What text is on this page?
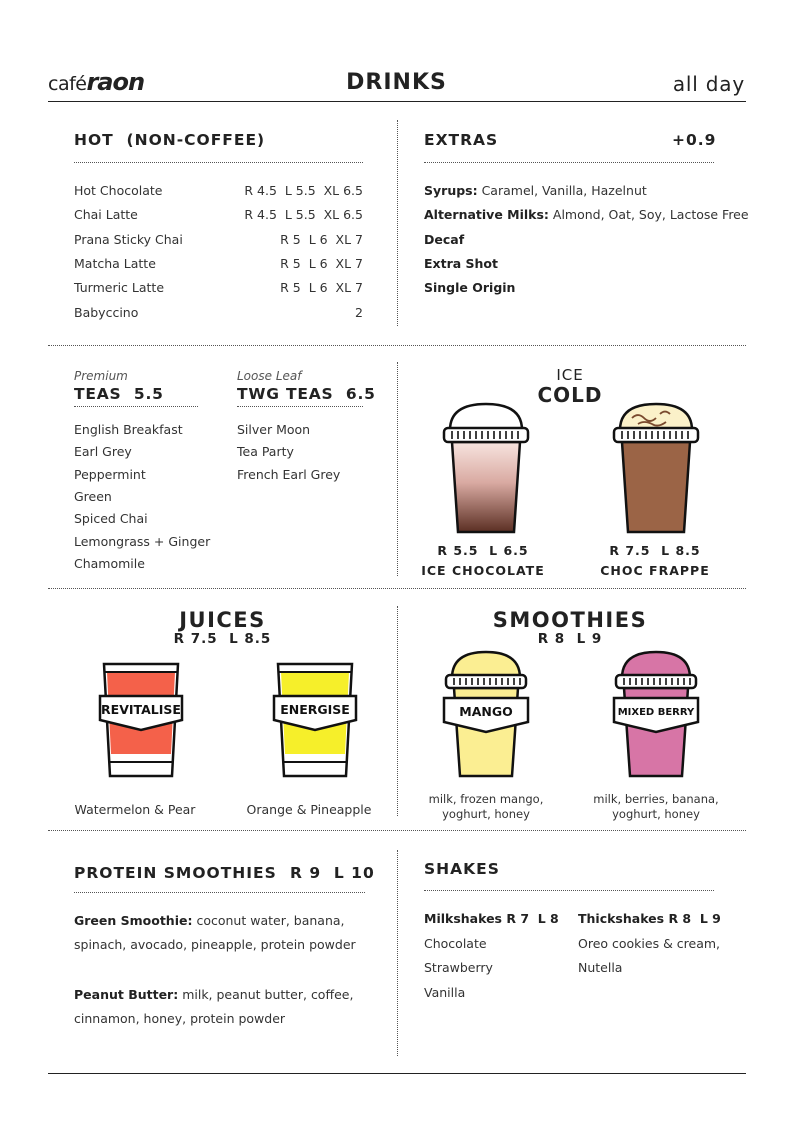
caféraon	DRINKS	all day
HOT  (NON-COFFEE)
Hot Chocolate	R 4.5  L 5.5  XL 6.5
Chai Latte	R 4.5  L 5.5  XL 6.5
Prana Sticky Chai	R 5  L 6  XL 7
Matcha Latte	R 5  L 6  XL 7
Turmeric Latte	R 5  L 6  XL 7
Babyccino	2
EXTRAS	+0.9
Syrups: Caramel, Vanilla, Hazelnut
Alternative Milks: Almond, Oat, Soy, Lactose Free
Decaf
Extra Shot
Single Origin
Premium
TEAS  5.5
English Breakfast
Earl Grey
Peppermint
Green
Spiced Chai
Lemongrass + Ginger
Chamomile
Loose Leaf
TWG TEAS  6.5
Silver Moon
Tea Party
French Earl Grey
ICE
COLD
R 5.5  L 6.5
ICE CHOCOLATE
R 7.5  L 8.5
CHOC FRAPPE
JUICES
R 7.5  L 8.5
REVITALISE
Watermelon & Pear
ENERGISE
Orange & Pineapple
SMOOTHIES
R 8  L 9
MANGO
milk, frozen mango,
yoghurt, honey
MIXED BERRY
milk, berries, banana,
yoghurt, honey
PROTEIN SMOOTHIES R 9  L 10
Green Smoothie: coconut water, banana, spinach, avocado, pineapple, protein powder
Peanut Butter: milk, peanut butter, coffee, cinnamon, honey, protein powder
SHAKES
Milkshakes R 7  L 8
Chocolate
Strawberry
Vanilla
Thickshakes R 8  L 9
Oreo cookies & cream,
Nutella
